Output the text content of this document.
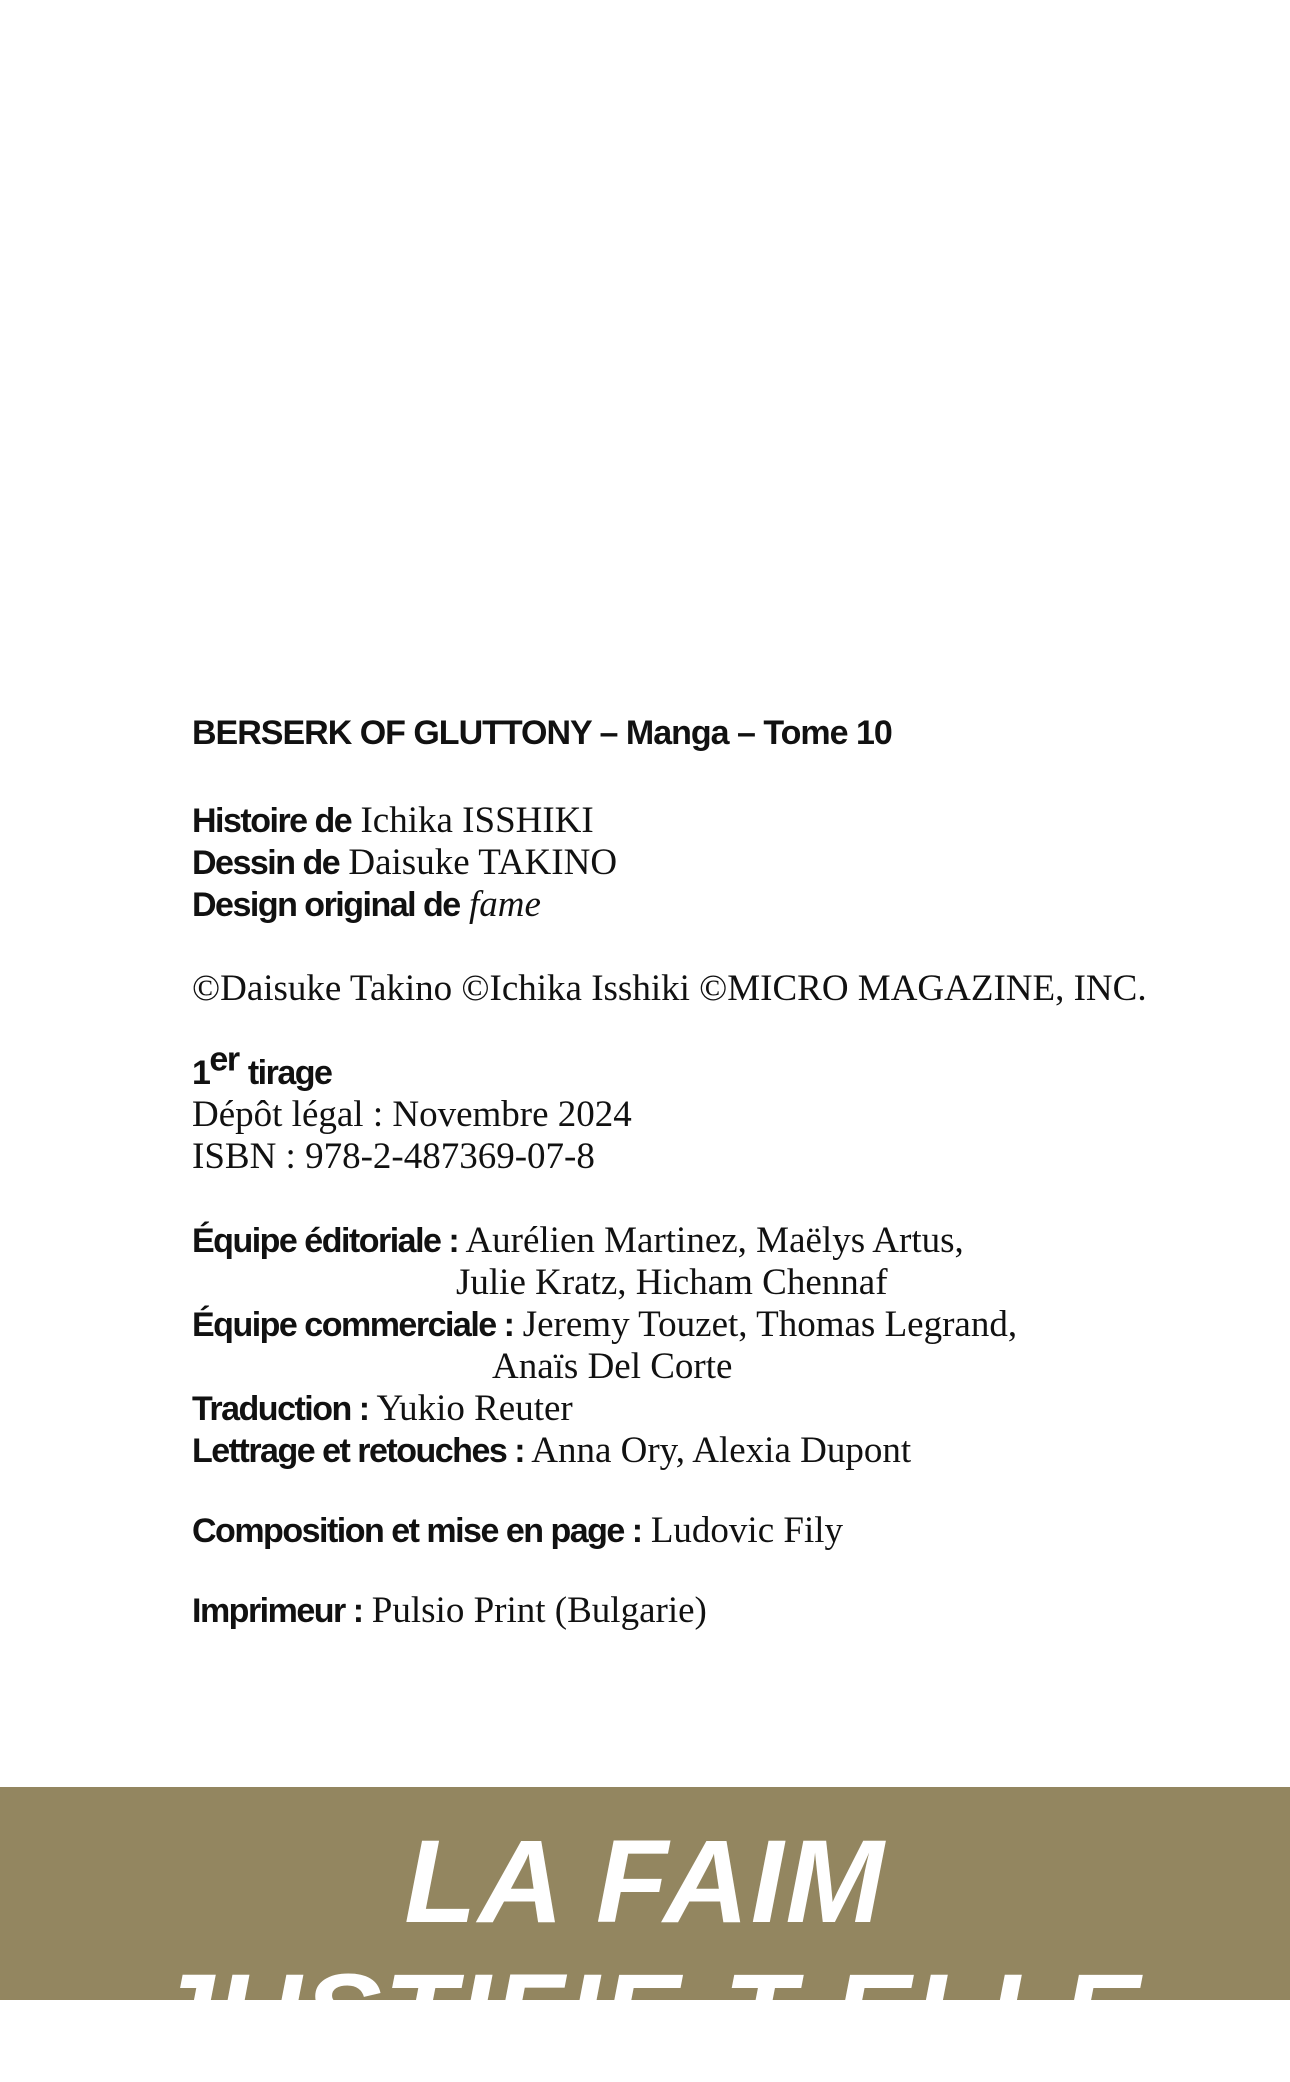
BERSERK OF GLUTTONY – Manga – Tome 10
Histoire de Ichika ISSHIKI
Dessin de Daisuke TAKINO
Design original de fame
©Daisuke Takino ©Ichika Isshiki ©MICRO MAGAZINE, INC.
1er tirage
Dépôt légal : Novembre 2024
ISBN : 978-2-487369-07-8
Équipe éditoriale : Aurélien Martinez, Maëlys Artus,
Julie Kratz, Hicham Chennaf
Équipe commerciale : Jeremy Touzet, Thomas Legrand,
Anaïs Del Corte
Traduction : Yukio Reuter
Lettrage et retouches : Anna Ory, Alexia Dupont
Composition et mise en page : Ludovic Fily
Imprimeur : Pulsio Print (Bulgarie)
LA FAIM
JUSTIFIE-T-ELLE
